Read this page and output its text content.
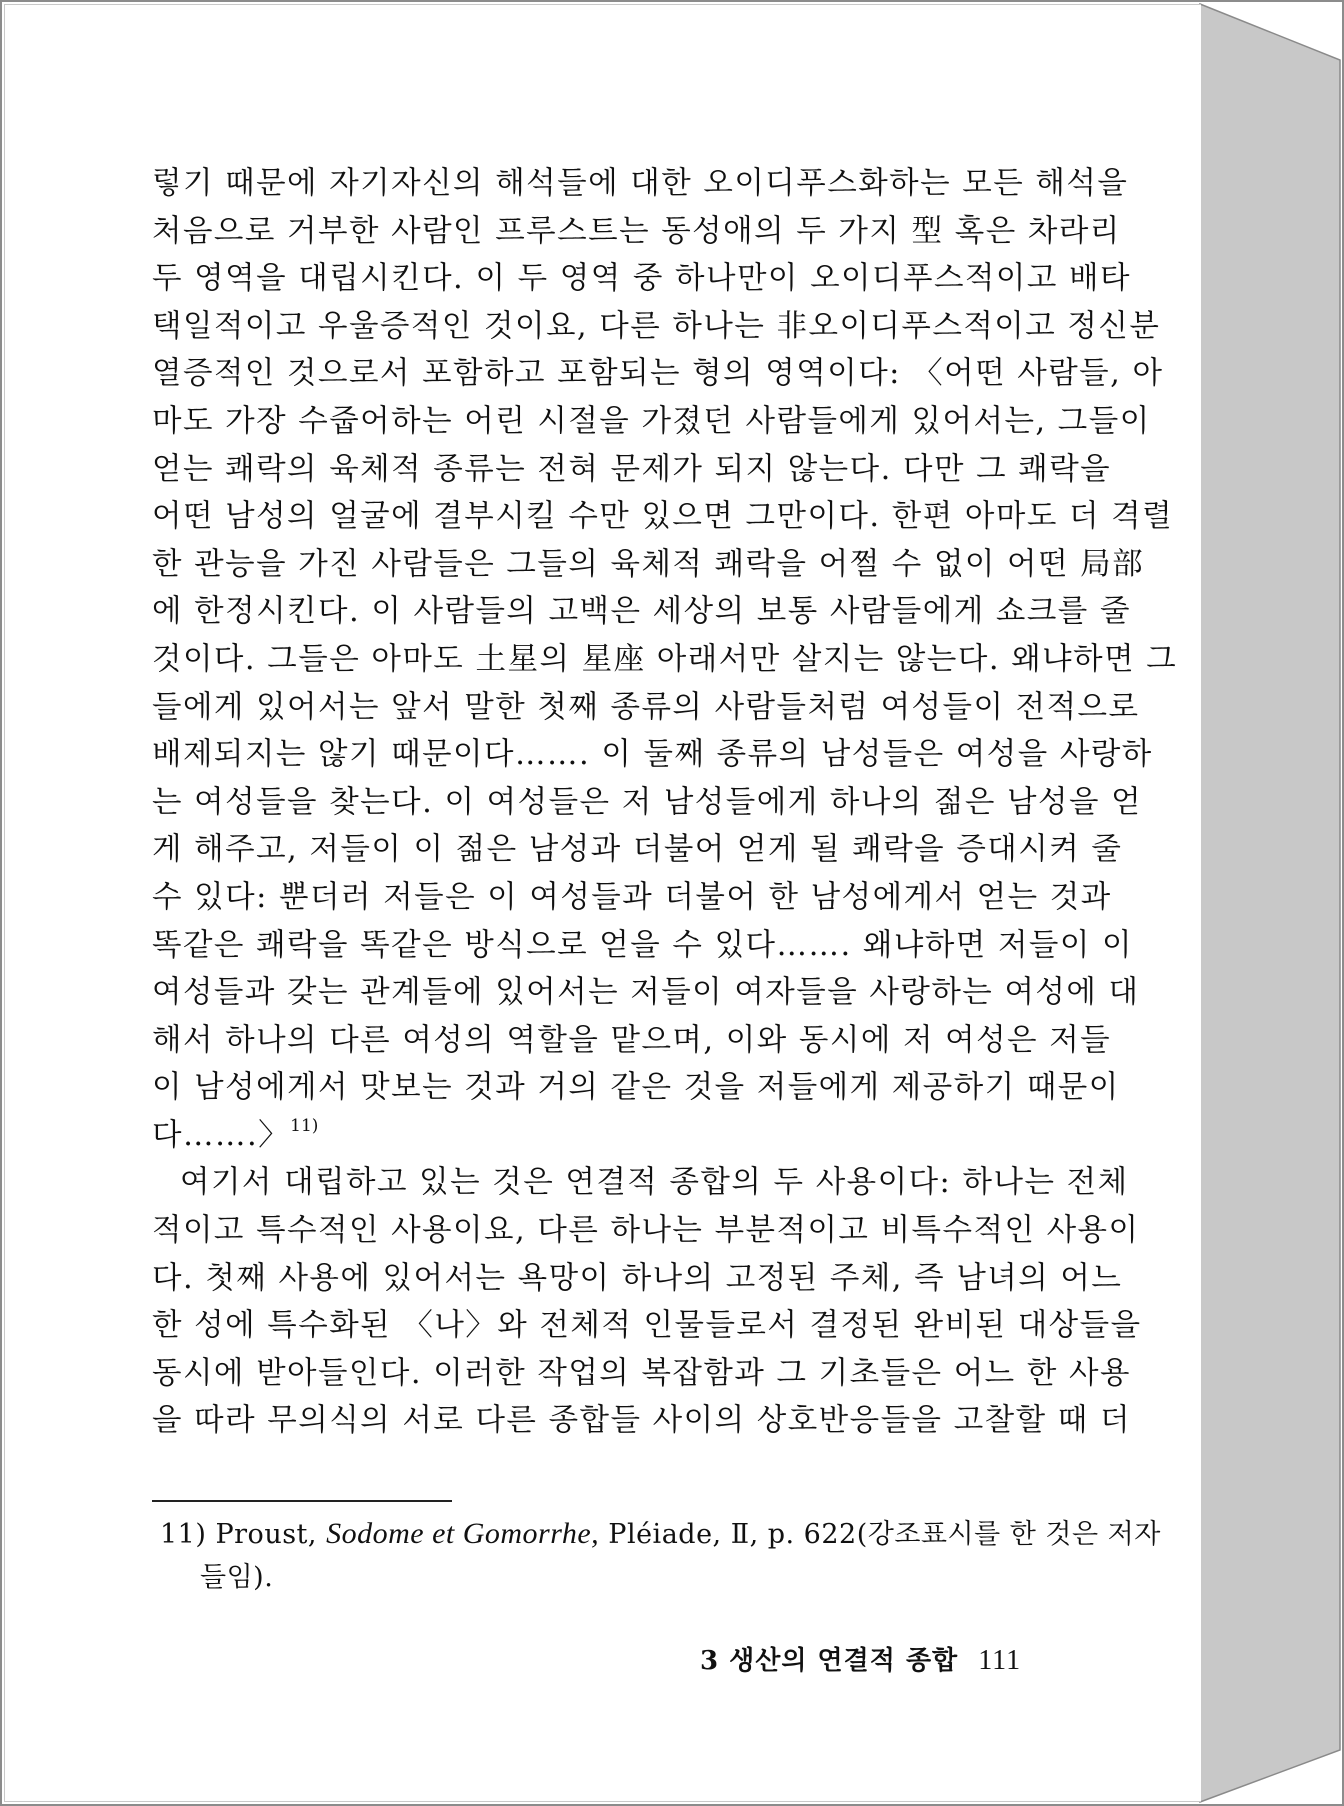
렇기 때문에 자기자신의 해석들에 대한 오이디푸스화하는 모든 해석을
처음으로 거부한 사람인 프루스트는 동성애의 두 가지 型 혹은 차라리
두 영역을 대립시킨다. 이 두 영역 중 하나만이 오이디푸스적이고 배타
택일적이고 우울증적인 것이요, 다른 하나는 非오이디푸스적이고 정신분
열증적인 것으로서 포함하고 포함되는 형의 영역이다: 〈어떤 사람들, 아
마도 가장 수줍어하는 어린 시절을 가졌던 사람들에게 있어서는, 그들이
얻는 쾌락의 육체적 종류는 전혀 문제가 되지 않는다. 다만 그 쾌락을
어떤 남성의 얼굴에 결부시킬 수만 있으면 그만이다. 한편 아마도 더 격렬
한 관능을 가진 사람들은 그들의 육체적 쾌락을 어쩔 수 없이 어떤 局部
에 한정시킨다. 이 사람들의 고백은 세상의 보통 사람들에게 쇼크를 줄
것이다. 그들은 아마도 土星의 星座 아래서만 살지는 않는다. 왜냐하면 그
들에게 있어서는 앞서 말한 첫째 종류의 사람들처럼 여성들이 전적으로
배제되지는 않기 때문이다……. 이 둘째 종류의 남성들은 여성을 사랑하
는 여성들을 찾는다. 이 여성들은 저 남성들에게 하나의 젊은 남성을 얻
게 해주고, 저들이 이 젊은 남성과 더불어 얻게 될 쾌락을 증대시켜 줄
수 있다: 뿐더러 저들은 이 여성들과 더불어 한 남성에게서 얻는 것과
똑같은 쾌락을 똑같은 방식으로 얻을 수 있다……. 왜냐하면 저들이 이
여성들과 갖는 관계들에 있어서는 저들이 여자들을 사랑하는 여성에 대
해서 하나의 다른 여성의 역할을 맡으며, 이와 동시에 저 여성은 저들
이 남성에게서 맛보는 것과 거의 같은 것을 저들에게 제공하기 때문이
다…….〉$^{11)}$
여기서 대립하고 있는 것은 연결적 종합의 두 사용이다: 하나는 전체
적이고 특수적인 사용이요, 다른 하나는 부분적이고 비특수적인 사용이
다. 첫째 사용에 있어서는 욕망이 하나의 고정된 주체, 즉 남녀의 어느
한 성에 특수화된 〈나〉와 전체적 인물들로서 결정된 완비된 대상들을
동시에 받아들인다. 이러한 작업의 복잡함과 그 기초들은 어느 한 사용
을 따라 무의식의 서로 다른 종합들 사이의 상호반응들을 고찰할 때 더
11) Proust, Sodome et Gomorrhe, Pléiade, Ⅱ, p. 622(강조표시를 한 것은 저자
들임).
3 생산의 연결적 종합 111
